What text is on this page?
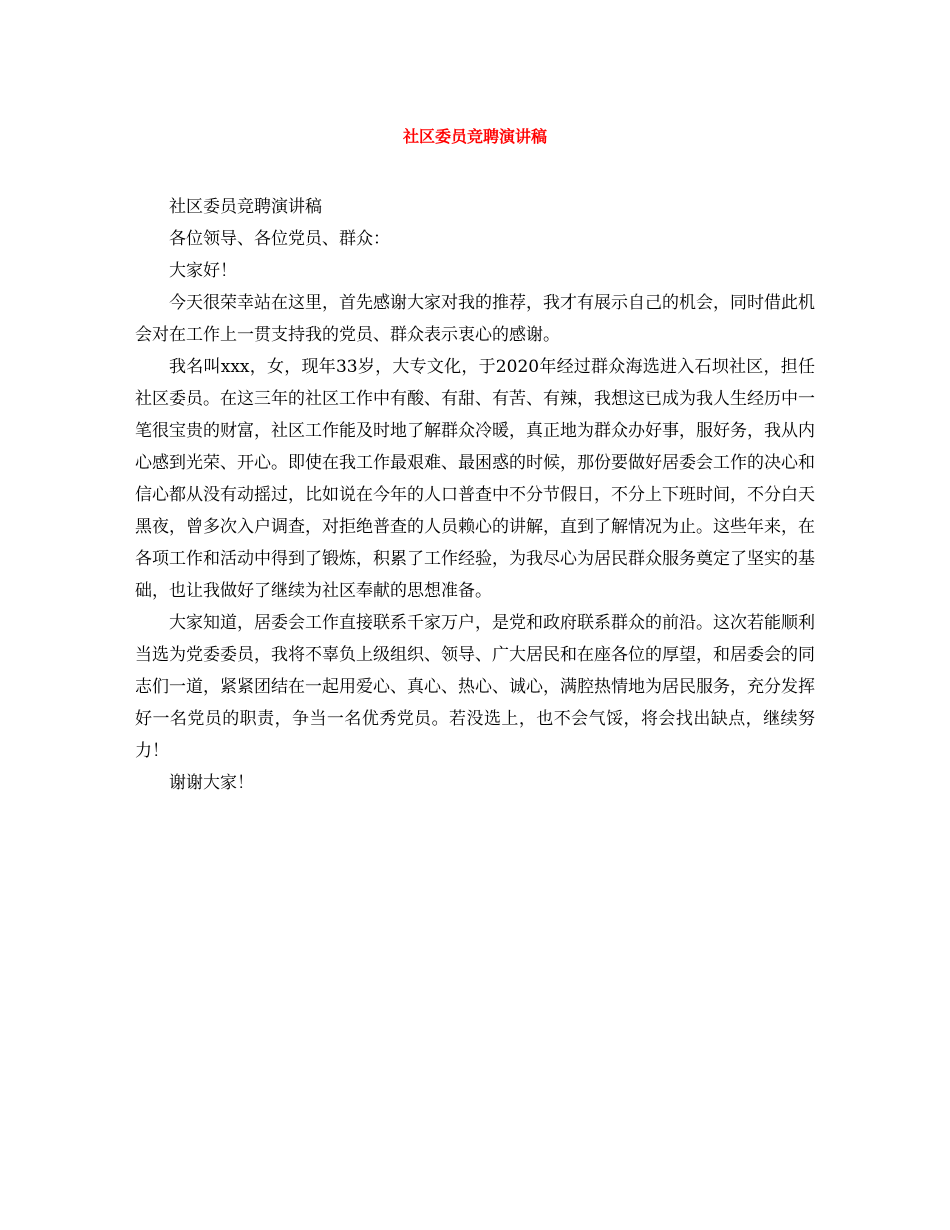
社区委员竞聘演讲稿

社区委员竞聘演讲稿

各位领导、各位党员、群众：

大家好！

今天很荣幸站在这里，首先感谢大家对我的推荐，我才有展示自己的机会，同时借此机会对在工作上一贯支持我的党员、群众表示衷心的感谢。

我名叫xxx，女，现年33岁，大专文化，于2020年经过群众海选进入石坝社区，担任社区委员。在这三年的社区工作中有酸、有甜、有苦、有辣，我想这已成为我人生经历中一笔很宝贵的财富，社区工作能及时地了解群众冷暖，真正地为群众办好事，服好务，我从内心感到光荣、开心。即使在我工作最艰难、最困惑的时候，那份要做好居委会工作的决心和信心都从没有动摇过，比如说在今年的人口普查中不分节假日，不分上下班时间，不分白天黑夜，曾多次入户调查，对拒绝普查的人员赖心的讲解，直到了解情况为止。这些年来，在各项工作和活动中得到了锻炼，积累了工作经验，为我尽心为居民群众服务奠定了坚实的基础，也让我做好了继续为社区奉献的思想准备。

大家知道，居委会工作直接联系千家万户，是党和政府联系群众的前沿。这次若能顺利当选为党委委员，我将不辜负上级组织、领导、广大居民和在座各位的厚望，和居委会的同志们一道，紧紧团结在一起用爱心、真心、热心、诚心，满腔热情地为居民服务，充分发挥好一名党员的职责，争当一名优秀党员。若没选上，也不会气馁，将会找出缺点，继续努力！

谢谢大家！
